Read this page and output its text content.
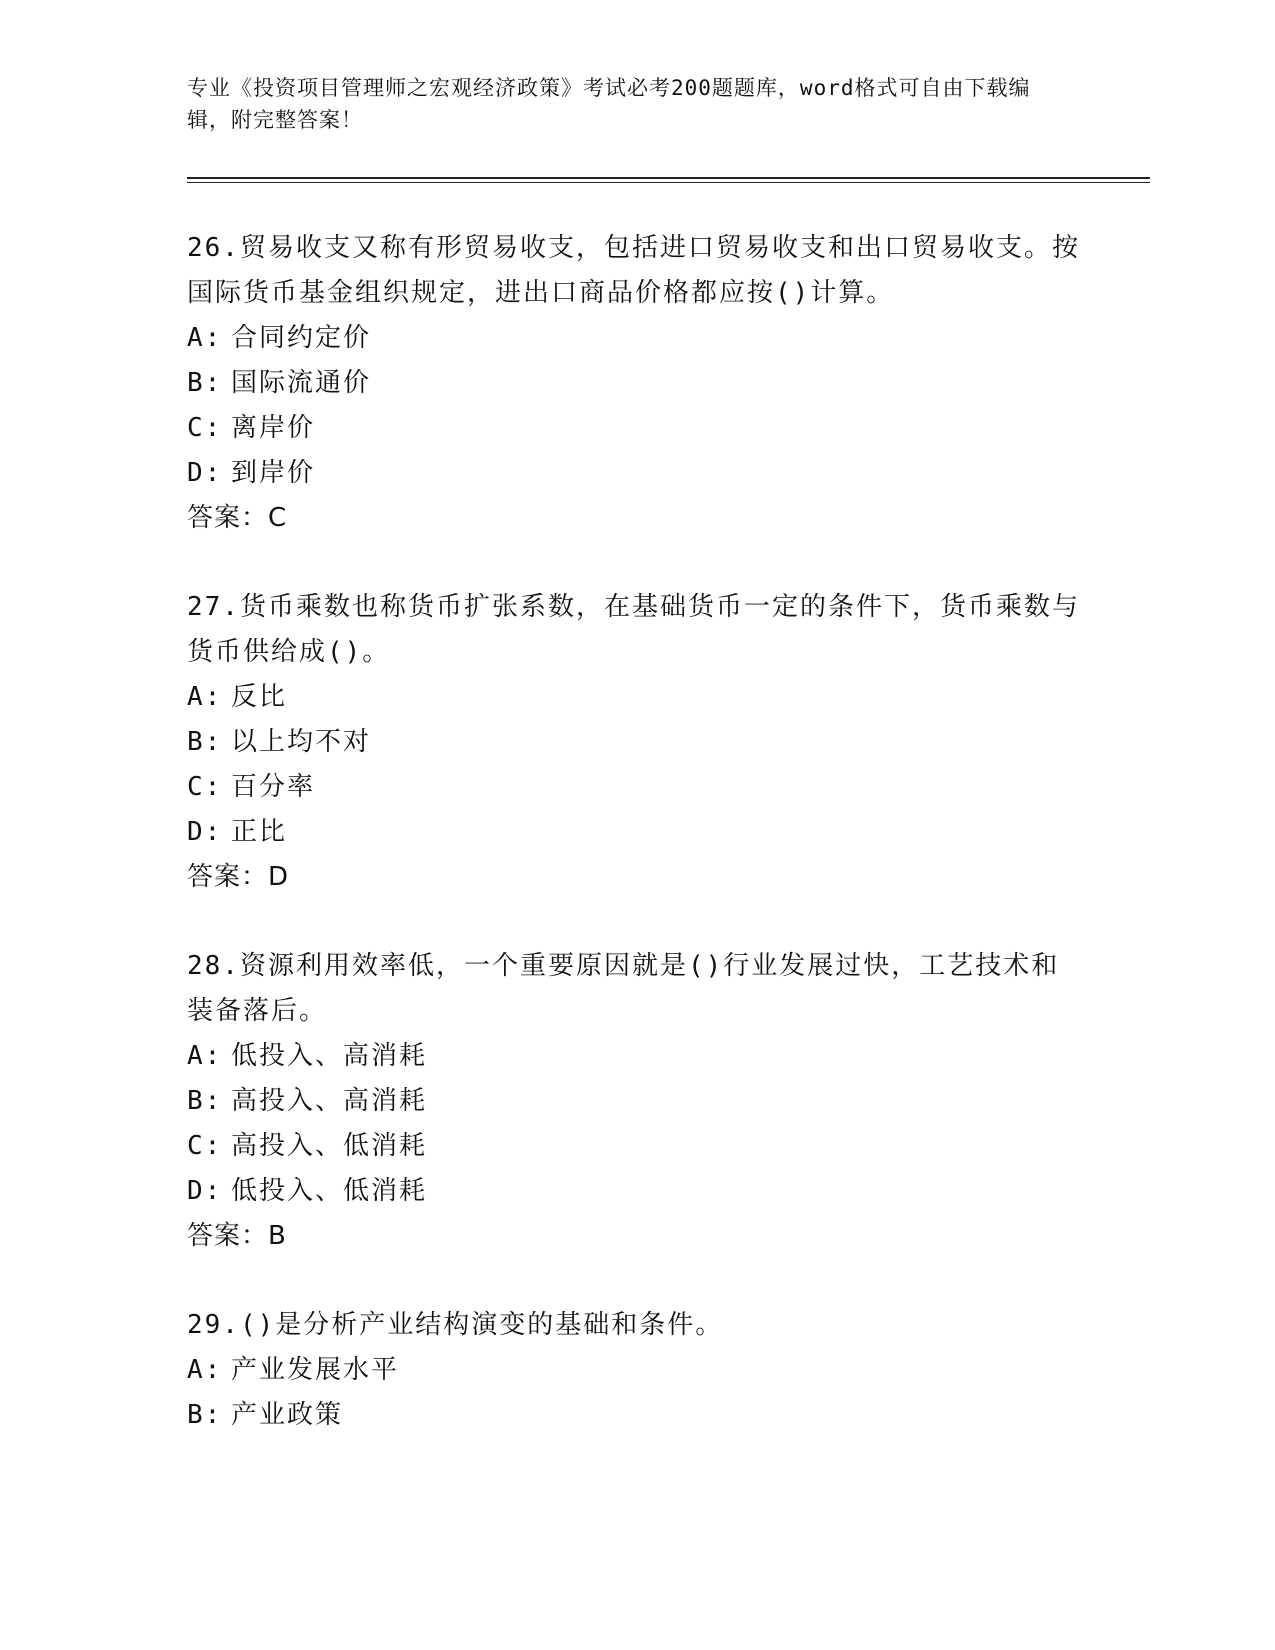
专业《投资项目管理师之宏观经济政策》考试必考200题题库，word格式可自由下载编辑，附完整答案！

26.贸易收支又称有形贸易收支，包括进口贸易收支和出口贸易收支。按国际货币基金组织规定，进出口商品价格都应按()计算。

A: 合同约定价

B: 国际流通价

C: 离岸价

D: 到岸价

答案：C

27.货币乘数也称货币扩张系数，在基础货币一定的条件下，货币乘数与货币供给成()。

A: 反比

B: 以上均不对

C: 百分率

D: 正比

答案：D

28.资源利用效率低，一个重要原因就是()行业发展过快，工艺技术和装备落后。

A: 低投入、高消耗

B: 高投入、高消耗

C: 高投入、低消耗

D: 低投入、低消耗

答案：B

29.()是分析产业结构演变的基础和条件。

A: 产业发展水平

B: 产业政策
